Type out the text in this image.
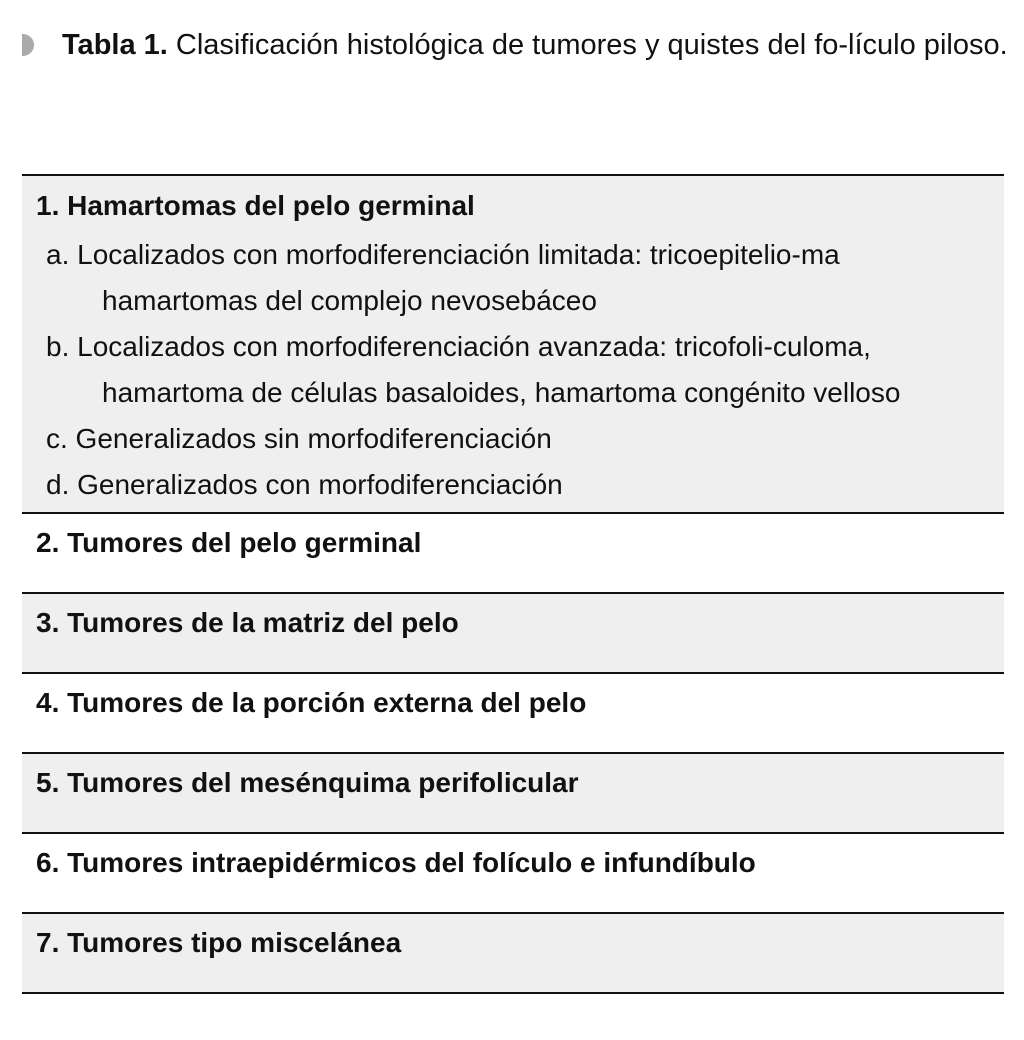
Tabla 1. Clasificación histológica de tumores y quistes del fo-lículo piloso.
1. Hamartomas del pelo germinal
a. Localizados con morfodiferenciación limitada: tricoepitelio-ma hamartomas del complejo nevosebáceo
b. Localizados con morfodiferenciación avanzada: tricofoli-culoma, hamartoma de células basaloides, hamartoma congénito velloso
c. Generalizados sin morfodiferenciación
d. Generalizados con morfodiferenciación

2. Tumores del pelo germinal
3. Tumores de la matriz del pelo
4. Tumores de la porción externa del pelo
5. Tumores del mesénquima perifolicular
6. Tumores intraepidérmicos del folículo e infundíbulo
7. Tumores tipo miscelánea
